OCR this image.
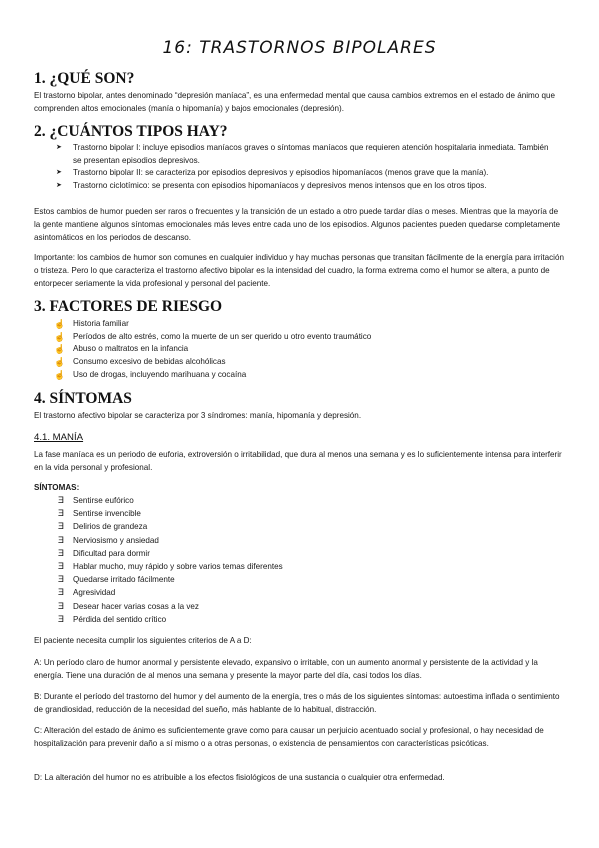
16: TRASTORNOS BIPOLARES
1. ¿QUÉ SON?

El trastorno bipolar, antes denominado “depresión maníaca”, es una enfermedad mental que causa cambios extremos en el estado de ánimo que comprenden altos emocionales (manía o hipomanía) y bajos emocionales (depresión).

2. ¿CUÁNTOS TIPOS HAY?
➤ Trastorno bipolar I: incluye episodios maníacos graves o síntomas maníacos que requieren atención hospitalaria inmediata. También se presentan episodios depresivos.
➤ Trastorno bipolar II: se caracteriza por episodios depresivos y episodios hipomaníacos (menos grave que la manía).
➤ Trastorno ciclotímico: se presenta con episodios hipomaníacos y depresivos menos intensos que en los otros tipos.

Estos cambios de humor pueden ser raros o frecuentes y la transición de un estado a otro puede tardar días o meses. Mientras que la mayoría de la gente mantiene algunos síntomas emocionales más leves entre cada uno de los episodios. Algunos pacientes pueden quedarse completamente asintomáticos en los periodos de descanso.

Importante: los cambios de humor son comunes en cualquier individuo y hay muchas personas que transitan fácilmente de la energía para irritación o tristeza. Pero lo que caracteriza el trastorno afectivo bipolar es la intensidad del cuadro, la forma extrema como el humor se altera, a punto de entorpecer seriamente la vida profesional y personal del paciente.

3. FACTORES DE RIESGO
☝ Historia familiar
☝ Períodos de alto estrés, como la muerte de un ser querido u otro evento traumático
☝ Abuso o maltratos en la infancia
☝ Consumo excesivo de bebidas alcohólicas
☝ Uso de drogas, incluyendo marihuana y cocaína
4. SÍNTOMAS

El trastorno afectivo bipolar se caracteriza por 3 síndromes: manía, hipomanía y depresión.

4.1. MANÍA

La fase maníaca es un periodo de euforia, extroversión o irritabilidad, que dura al menos una semana y es lo suficientemente intensa para interferir en la vida personal y profesional.

SÍNTOMAS:

Ǝ Sentirse eufórico
Ǝ Sentirse invencible
Ǝ Delirios de grandeza
Ǝ Nerviosismo y ansiedad
Ǝ Dificultad para dormir
Ǝ Hablar mucho, muy rápido y sobre varios temas diferentes
Ǝ Quedarse irritado fácilmente
Ǝ Agresividad
Ǝ Desear hacer varias cosas a la vez
Ǝ Pérdida del sentido crítico

El paciente necesita cumplir los siguientes criterios de A a D:

A: Un período claro de humor anormal y persistente elevado, expansivo o irritable, con un aumento anormal y persistente de la actividad y la energía. Tiene una duración de al menos una semana y presente la mayor parte del día, casi todos los días.

B: Durante el período del trastorno del humor y del aumento de la energía, tres o más de los siguientes síntomas: autoestima inflada o sentimiento de grandiosidad, reducción de la necesidad del sueño, más hablante de lo habitual, distracción.

C: Alteración del estado de ánimo es suficientemente grave como para causar un perjuicio acentuado social y profesional, o hay necesidad de hospitalización para prevenir daño a sí mismo o a otras personas, o existencia de pensamientos con características psicóticas.

D: La alteración del humor no es atribuible a los efectos fisiológicos de una sustancia o cualquier otra enfermedad.
